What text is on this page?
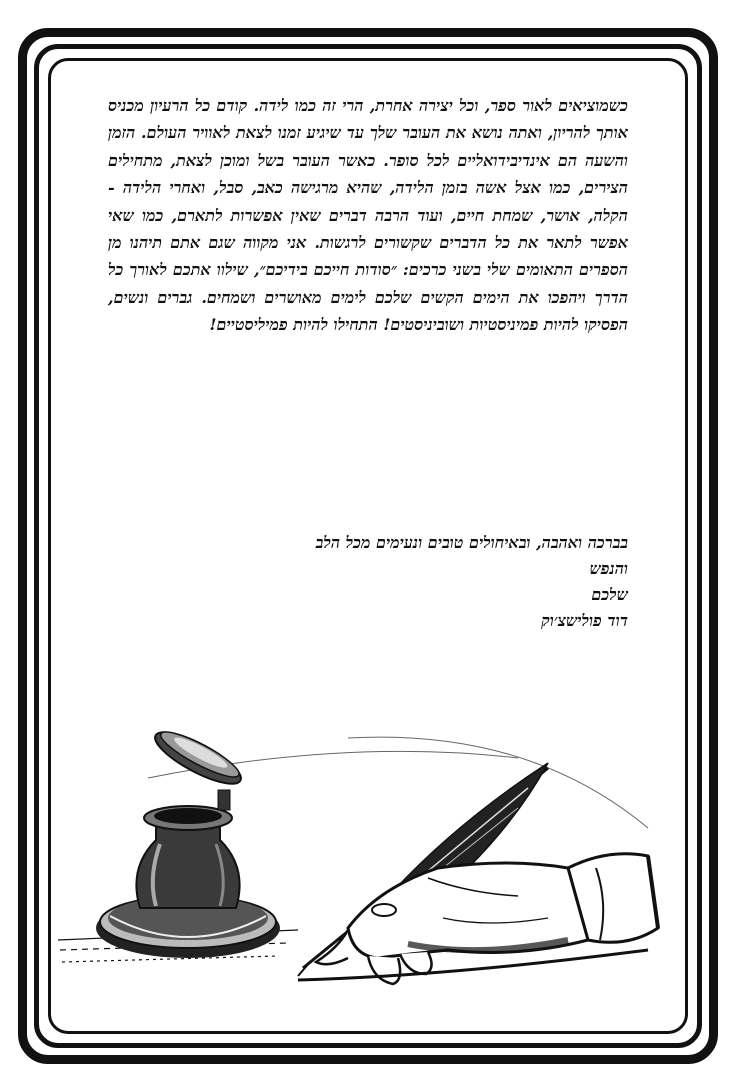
כשמוציאים לאור ספר, וכל יצירה אחרת, הרי זה כמו לידה. קודם כל הרעיון מכניס אותך להריון, ואתה נושא את העובר שלך עד שיגיע זמנו לצאת לאוויר העולם. הזמן והשעה הם אינדיבידואליים לכל סופר. כאשר העובר בשל ומוכן לצאת, מתחילים הצירים, כמו אצל אשה בזמן הלידה, שהיא מרגישה כאב, סבל, ואחרי הלידה - הקלה, אושר, שמחת חיים, ועוד הרבה דברים שאין אפשרות לתארם, כמו שאי אפשר לתאר את כל הדברים שקשורים לרגשות. אני מקווה שגם אתם תיהנו מן הספרים התאומים שלי בשני כרכים: ״סודות חייכם בידיכם״, שילוו אתכם לאורך כל הדרך ויהפכו את הימים הקשים שלכם לימים מאושרים ושמחים. גברים ונשים, הפסיקו להיות פמיניסטיות ושוביניסטים! התחילו להיות פמיליסטיים!

בברכה ואהבה, ובאיחולים טובים ונעימים מכל הלב
והנפש
שלכם
דוד פולישצ׳וק
